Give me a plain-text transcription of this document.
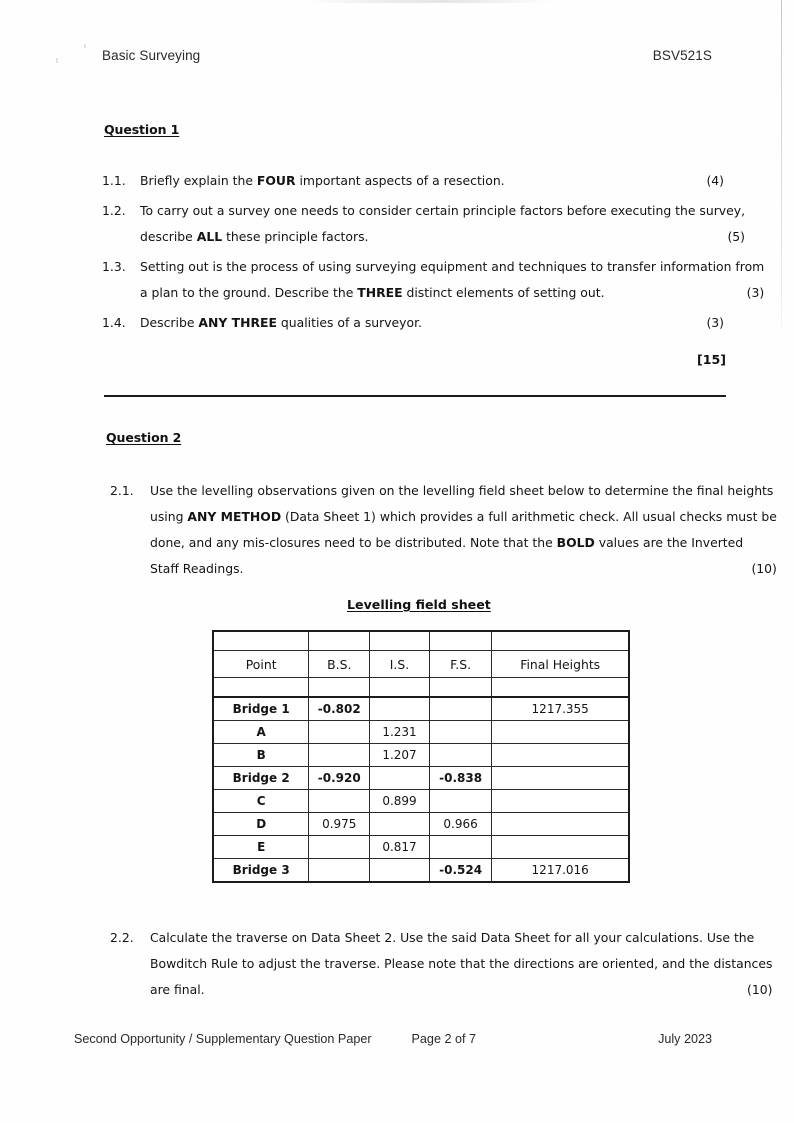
Basic Surveying	BSV521S
Question 1
1.1.	Briefly explain the FOUR important aspects of a resection.	(4)
1.2.	To carry out a survey one needs to consider certain principle factors before executing the survey,
describe ALL these principle factors.	(5)
1.3.	Setting out is the process of using surveying equipment and techniques to transfer information from
a plan to the ground. Describe the THREE distinct elements of setting out.	(3)
1.4.	Describe ANY THREE qualities of a surveyor.	(3)
[15]
Question 2
2.1.	Use the levelling observations given on the levelling field sheet below to determine the final heights
using ANY METHOD (Data Sheet 1) which provides a full arithmetic check. All usual checks must be
done, and any mis-closures need to be distributed. Note that the BOLD values are the Inverted
Staff Readings.	(10)
2.2.	Calculate the traverse on Data Sheet 2. Use the said Data Sheet for all your calculations. Use the
Bowditch Rule to adjust the traverse. Please note that the directions are oriented, and the distances
are final.	(10)
Levelling field sheet

Point	B.S.	I.S.	F.S.	Final Heights

Bridge 1	-0.802			1217.355
A		1.231		
B		1.207		
Bridge 2	-0.920		-0.838	
C		0.899		
D	0.975		0.966	
E		0.817		
Bridge 3			-0.524	1217.016
Second Opportunity / Supplementary Question Paper	Page 2 of 7	July 2023
